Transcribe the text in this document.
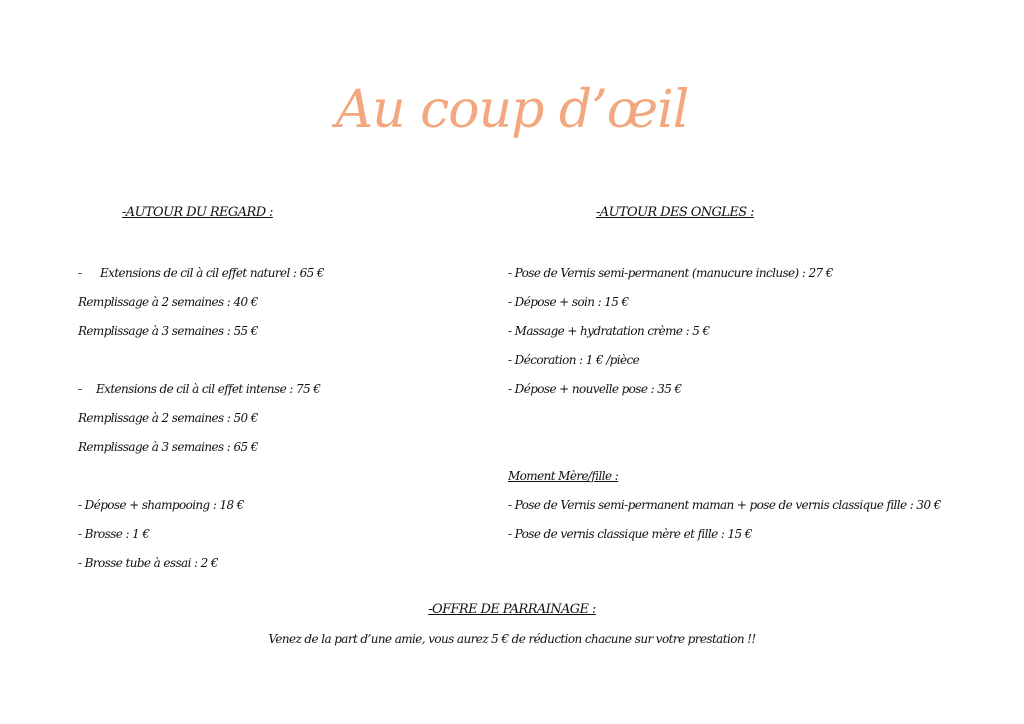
Au coup d’œil
-AUTOUR DU REGARD :
-	Extensions de cil à cil effet naturel : 65 €
Remplissage à 2 semaines : 40 €
Remplissage à 3 semaines : 55 €
-	Extensions de cil à cil effet intense : 75 €
Remplissage à 2 semaines : 50 €
Remplissage à 3 semaines : 65 €
- Dépose + shampooing : 18 €
- Brosse : 1 €
- Brosse tube à essai : 2 €
-AUTOUR DES ONGLES :
- Pose de Vernis semi-permanent (manucure incluse) : 27 €
- Dépose + soin : 15 €
- Massage + hydratation crème : 5 €
- Décoration : 1 € /pièce
- Dépose + nouvelle pose : 35 €
Moment Mère/fille :
- Pose de Vernis semi-permanent maman + pose de vernis classique fille : 30 €
- Pose de vernis classique mère et fille : 15 €
-OFFRE DE PARRAINAGE :
Venez de la part d’une amie, vous aurez 5 € de réduction chacune sur votre prestation !!
